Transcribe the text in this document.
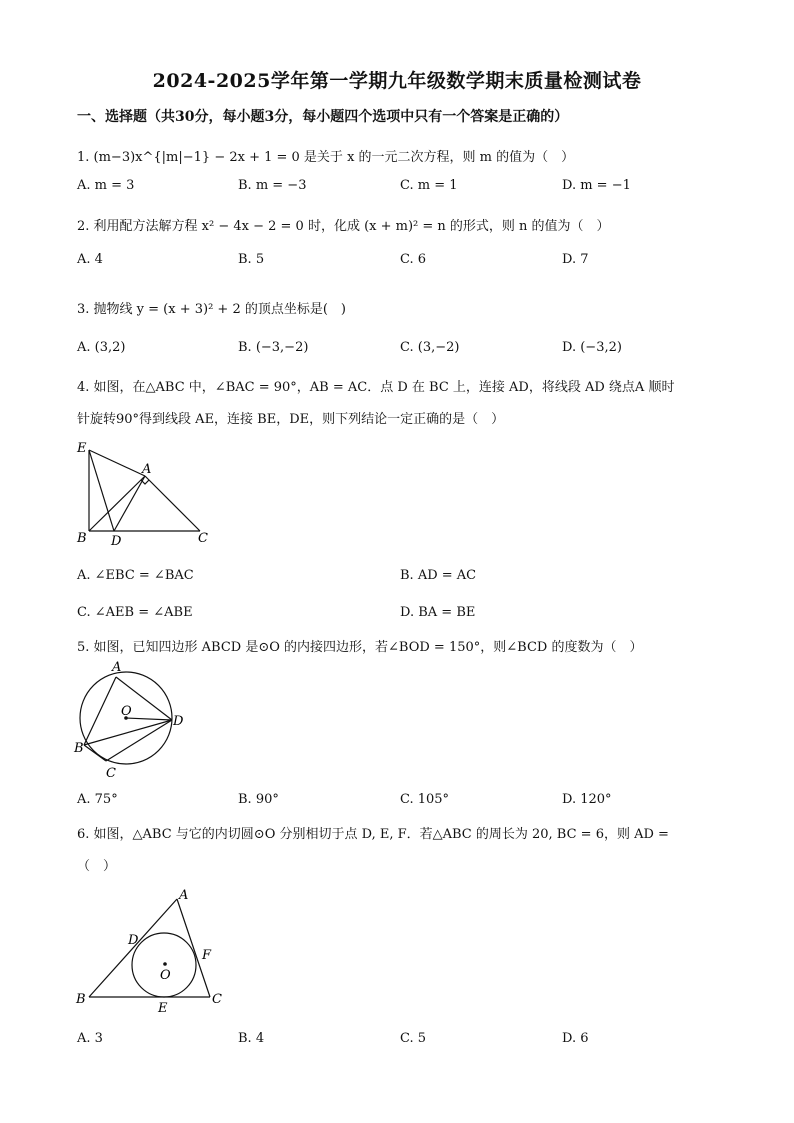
2024-2025学年第一学期九年级数学期末质量检测试卷
一、选择题（共30分，每小题3分，每小题四个选项中只有一个答案是正确的）
1. (m−3)x^{|m|−1} − 2x + 1 = 0 是关于 x 的一元二次方程，则 m 的值为（　）
A. m = 3	B. m = −3	C. m = 1	D. m = −1
2. 利用配方法解方程 x² − 4x − 2 = 0 时，化成 (x + m)² = n 的形式，则 n 的值为（　）
A. 4	B. 5	C. 6	D. 7
3. 抛物线 y = (x + 3)² + 2 的顶点坐标是(　)
A. (3,2)	B. (−3,−2)	C. (3,−2)	D. (−3,2)
4. 如图，在△ABC 中，∠BAC = 90°，AB = AC．点 D 在 BC 上，连接 AD，将线段 AD 绕点A 顺时
针旋转90°得到线段 AE，连接 BE，DE，则下列结论一定正确的是（　）
E
A
B D	C
A. ∠EBC = ∠BAC	B. AD = AC
C. ∠AEB = ∠ABE	D. BA = BE
5. 如图，已知四边形 ABCD 是⊙O 的内接四边形，若∠BOD = 150°，则∠BCD 的度数为（　）
A
O
D
B
C
A. 75°	B. 90°	C. 105°	D. 120°
6. 如图，△ABC 与它的内切圆⊙O 分别相切于点 D, E, F．若△ABC 的周长为 20, BC = 6，则 AD =
（　）
A
D
F
O
B
E
C
A. 3	B. 4	C. 5	D. 6
